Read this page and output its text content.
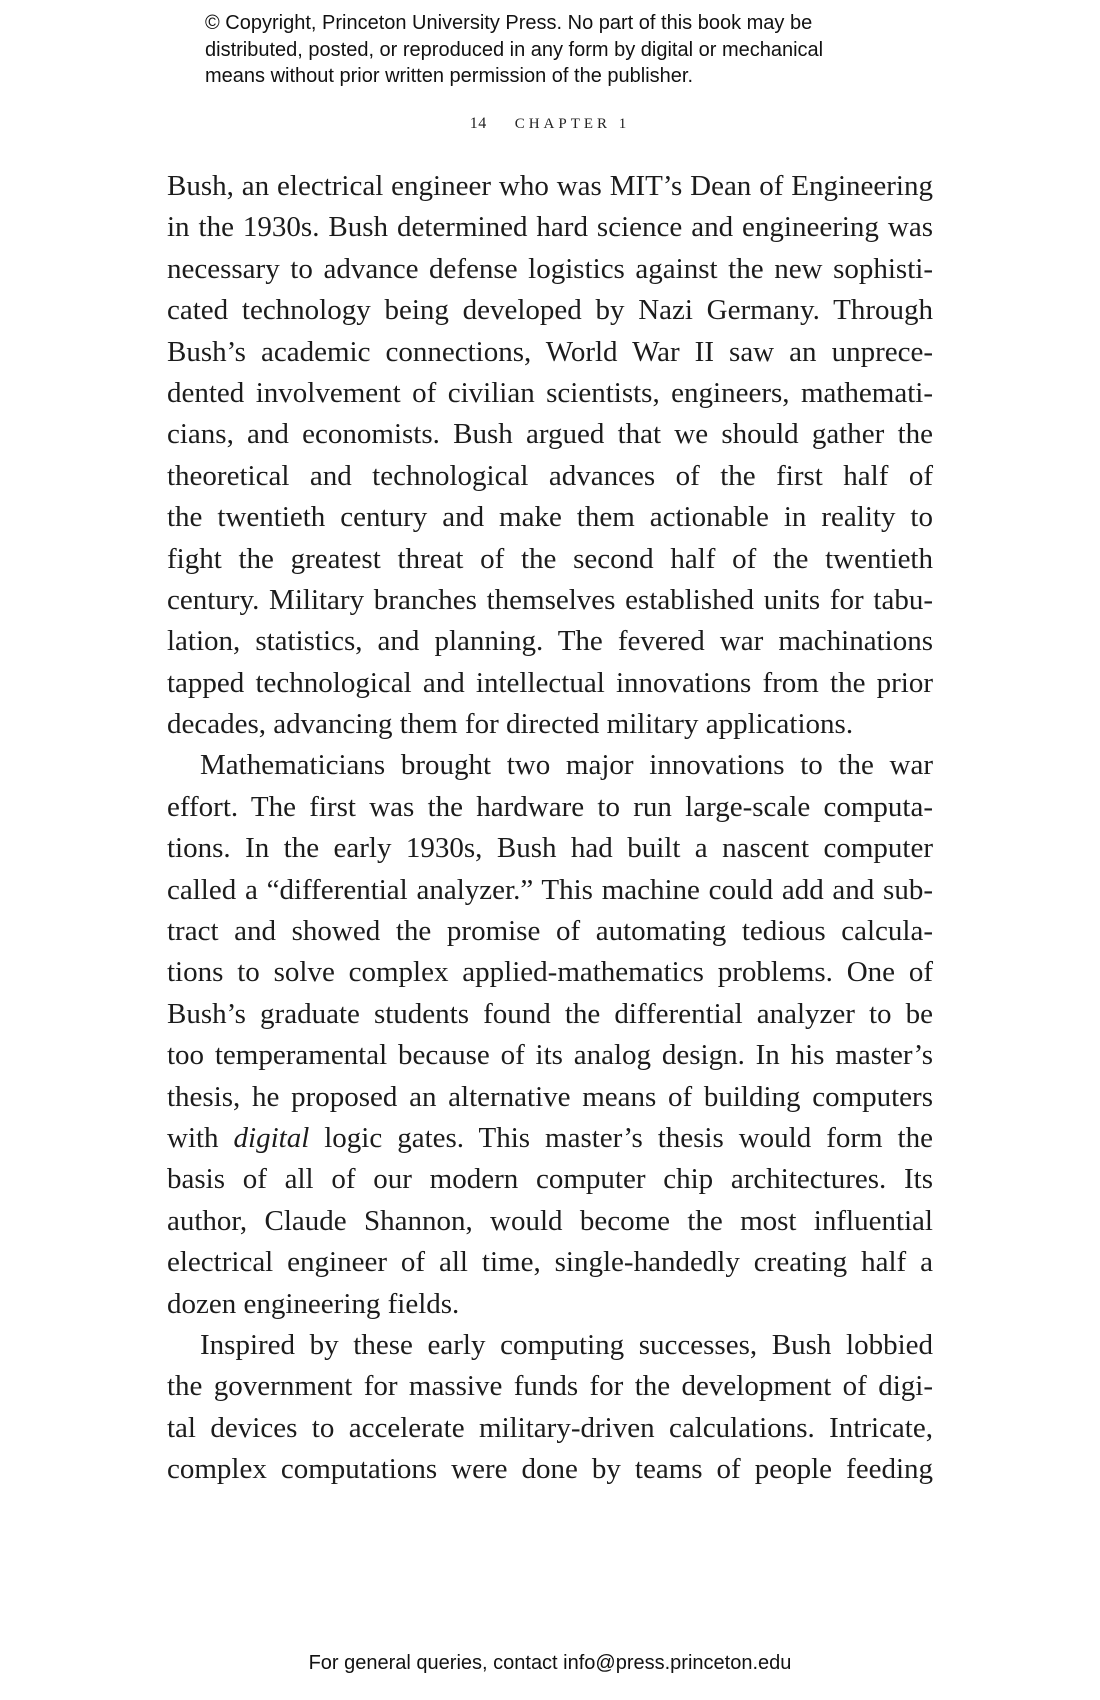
© Copyright, Princeton University Press. No part of this book may be
distributed, posted, or reproduced in any form by digital or mechanical
means without prior written permission of the publisher.
14 CHAPTER 1
Bush, an electrical engineer who was MIT’s Dean of Engineering
in the 1930s. Bush determined hard science and engineering was
necessary to advance defense logistics against the new sophisti-
cated technology being developed by Nazi Germany. Through
Bush’s academic connections, World War II saw an unprece-
dented involvement of civilian scientists, engineers, mathemati-
cians, and economists. Bush argued that we should gather the
theoretical and technological advances of the first half of
the twentieth century and make them actionable in reality to
fight the greatest threat of the second half of the twentieth
century. Military branches themselves established units for tabu-
lation, statistics, and planning. The fevered war machinations
tapped technological and intellectual innovations from the prior
decades, advancing them for directed military applications.
Mathematicians brought two major innovations to the war
effort. The first was the hardware to run large-scale computa-
tions. In the early 1930s, Bush had built a nascent computer
called a “differential analyzer.” This machine could add and sub-
tract and showed the promise of automating tedious calcula-
tions to solve complex applied-mathematics problems. One of
Bush’s graduate students found the differential analyzer to be
too temperamental because of its analog design. In his master’s
thesis, he proposed an alternative means of building computers
with digital logic gates. This master’s thesis would form the
basis of all of our modern computer chip architectures. Its
author, Claude Shannon, would become the most influential
electrical engineer of all time, single-handedly creating half a
dozen engineering fields.
Inspired by these early computing successes, Bush lobbied
the government for massive funds for the development of digi-
tal devices to accelerate military-driven calculations. Intricate,
complex computations were done by teams of people feeding
For general queries, contact info@press.princeton.edu
